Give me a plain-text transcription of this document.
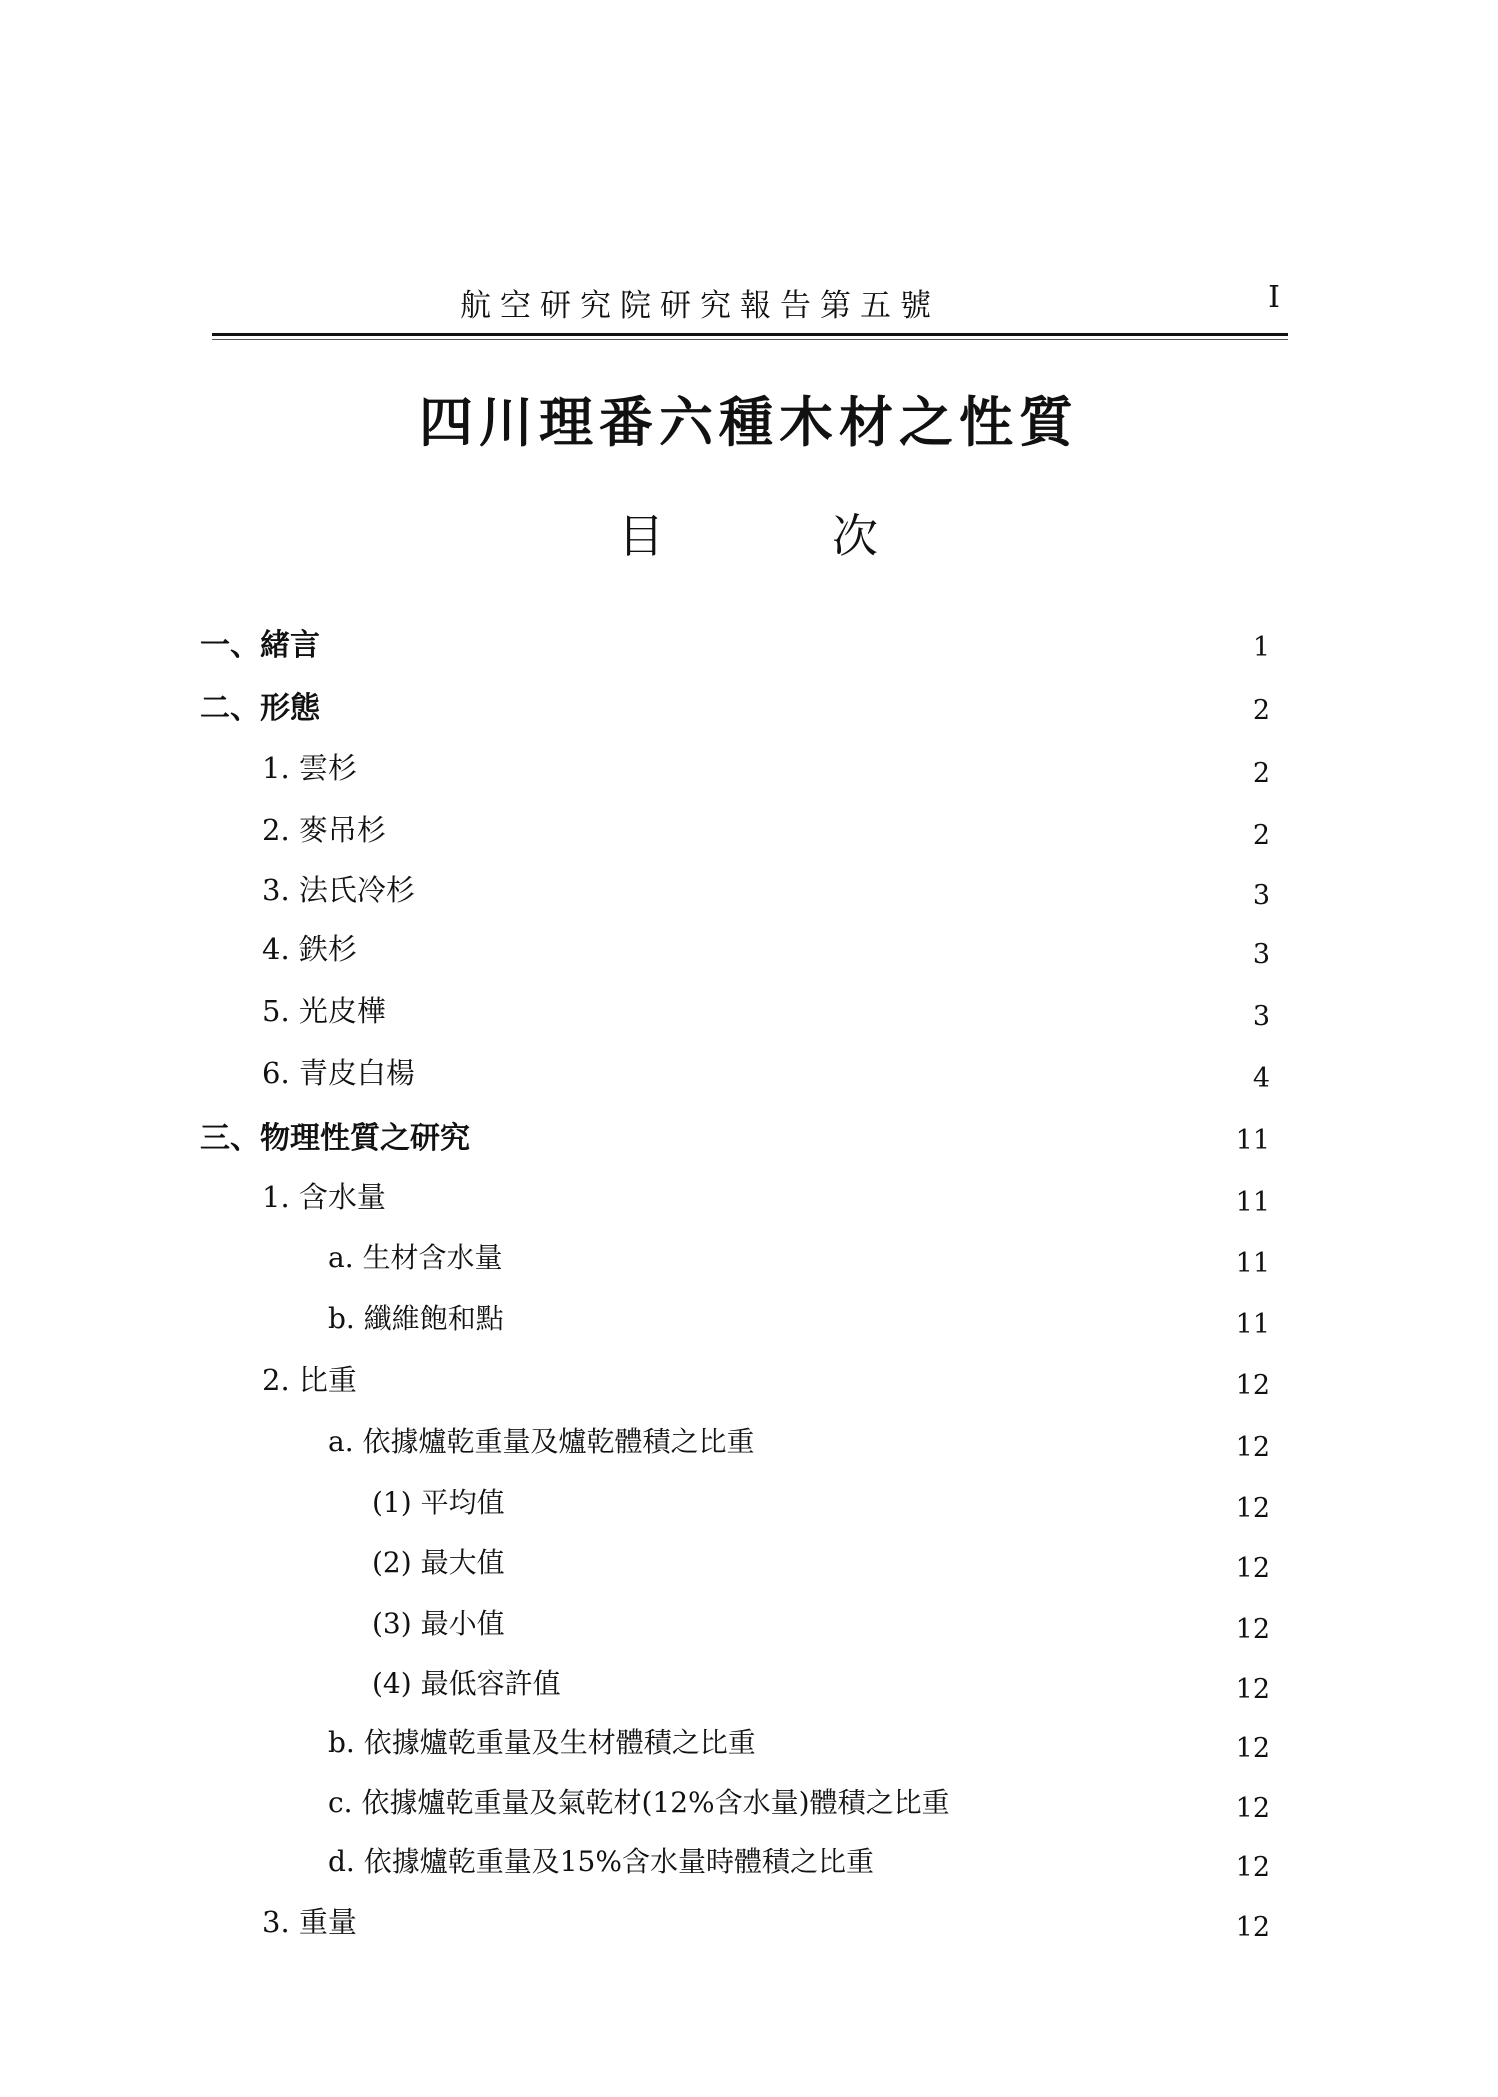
航空研究院研究報告第五號	I
四川理番六種木材之性質
目	次
一、緒言	1
二、形態	2
1. 雲杉	2
2. 麥吊杉	2
3. 法氏冷杉	3
4. 鉄杉	3
5. 光皮樺	3
6. 青皮白楊	4
三、物理性質之研究	11
1. 含水量	11
a. 生材含水量	11
b. 纖維飽和點	11
2. 比重	12
a. 依據爐乾重量及爐乾體積之比重	12
(1) 平均值	12
(2) 最大值	12
(3) 最小值	12
(4) 最低容許值	12
b. 依據爐乾重量及生材體積之比重	12
c. 依據爐乾重量及氣乾材(12%含水量)體積之比重	12
d. 依據爐乾重量及15%含水量時體積之比重	12
3. 重量	12
